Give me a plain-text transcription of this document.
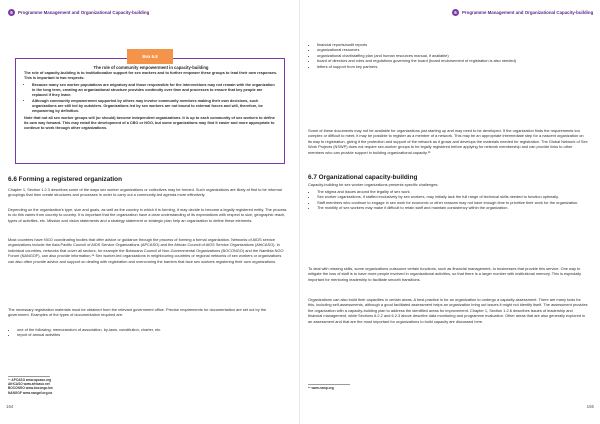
6	Programme Management and Organizational Capacity-building
Box 6.8
The role of community empowerment in capacity-building

The role of capacity-building is to institutionalize support for sex workers and to further empower these groups to lead their own responses. This is important in two respects:

• Because many sex worker populations are migratory and those responsible for the interventions may not remain with the organization in the long term, creating an organizational structure provides continuity over time and processes to ensure that key people are replaced if they leave.
• Although community empowerment supported by others may involve community members making their own decisions, such organizations are still led by outsiders. Organizations led by sex workers are not bound to external forces and will, therefore, be empowering by definition.

Note that not all sex worker groups will (or should) become independent organizations. It is up to each community of sex workers to define its own way forward. This may entail the development of a CBO or NGO, but some organizations may find it easier and more appropriate to continue to work through other organizations.

6.6 Forming a registered organization

Chapter 1, Section 1.2.3 describes some of the ways sex worker organizations or collectives may be formed. Such organizations are likely at first to be informal groupings that then create structures and processes in order to carry out a community-led agenda more effectively.

Depending on the organization's type, size and goals, as well as the country in which it is forming, it may decide to become a legally registered entity. The process to do this varies from country to country. It is important that the organization have a clear understanding of its expectations with respect to size, geographic reach, types of activities, etc. Mission and vision statements and a strategy statement or strategic plan help an organization to define these elements.

Most countries have NGO coordinating bodies that offer advice or guidance through the process of forming a formal organization. Networks of AIDS service organizations include the Asia Pacific Council of AIDS Service Organizations (APCASO) and the African Council of AIDS Service Organizations (AfriCASO). In individual countries, networks that cover all sectors, for example the Botswana Council of Non-Governmental Organizations (BOCONGO) and the Namibia NGO Forum (NANGOF), can also provide information.¹⁴ Sex worker-led organizations in neighbouring countries or regional networks of sex workers or organizations can also often provide advice and support on dealing with registration and overcoming the barriers that face sex workers registering their own organizations.

The necessary registration materials must be obtained from the relevant government office. Precise requirements for documentation are set out by the government. Examples of the types of documentation required are:

• one of the following: memorandum of association, by-laws, constitution, charter, etc.
• report of annual activities
¹⁴ APCASO www.apcaso.org
AfriCASO www.africaso.net
BOCONGO www.bocongo.bw
NANGOF www.nangof.org.na
164
6	Programme Management and Organizational Capacity-building
• financial reports/audit reports
• organizational resources
• organizational chart/staffing plan (and human resources manual, if available)
• board of directors and rules and regulations governing the board (board endorsement of registration is also needed)
• letters of support from key partners.

Some of these documents may not be available for organizations just starting up and may need to be developed. If the organization finds the requirements too complex or difficult to meet, it may be possible to register as a member of a network. This may be an appropriate intermediate step for a nascent organization on its way to registration, giving it the protection and support of the network as it grows and develops the materials needed for registration. The Global Network of Sex Work Projects (NSWP) does not require sex-worker groups to be legally registered before applying for network membership and can provide links to other members who can provide support in building organizational capacity.¹⁵

6.7 Organizational capacity-building

Capacity-building for sex worker organizations presents specific challenges:

• The stigma and issues around the legality of sex work.
• Sex worker organizations, if staffed exclusively by sex workers, may initially lack the full range of technical skills needed to function optimally.
• Staff members who continue to engage in sex work for economic or other reasons may not have enough time to prioritize their work for the organization.
• The mobility of sex workers may make it difficult to retain staff and maintain consistency within the organization.

To deal with missing skills, some organizations outsource certain functions, such as financial management, to businesses that provide this service. One way to mitigate the loss of staff is to have more people involved in organizational activities, so that there is a larger number with institutional memory. This is especially important for mentoring leadership to facilitate smooth transitions.

Organizations can also build their capacities in certain areas. A best practice is for an organization to undergo a capacity assessment. There are many tools for this, including self-assessments, although a good facilitated assessment helps an organization bring out issues it might not identify itself. The assessment provides the organization with a capacity-building plan to address the identified areas for improvement. Chapter 1, Section 1.2.6 describes issues of leadership and financial management, while Sections 6.2.2 and 6.2.3 above describe data monitoring and programme evaluation. Other areas that are also generally explored in an assessment and that are the most important for organizations to build capacity are discussed here.

¹⁵ www.nswp.org
165
